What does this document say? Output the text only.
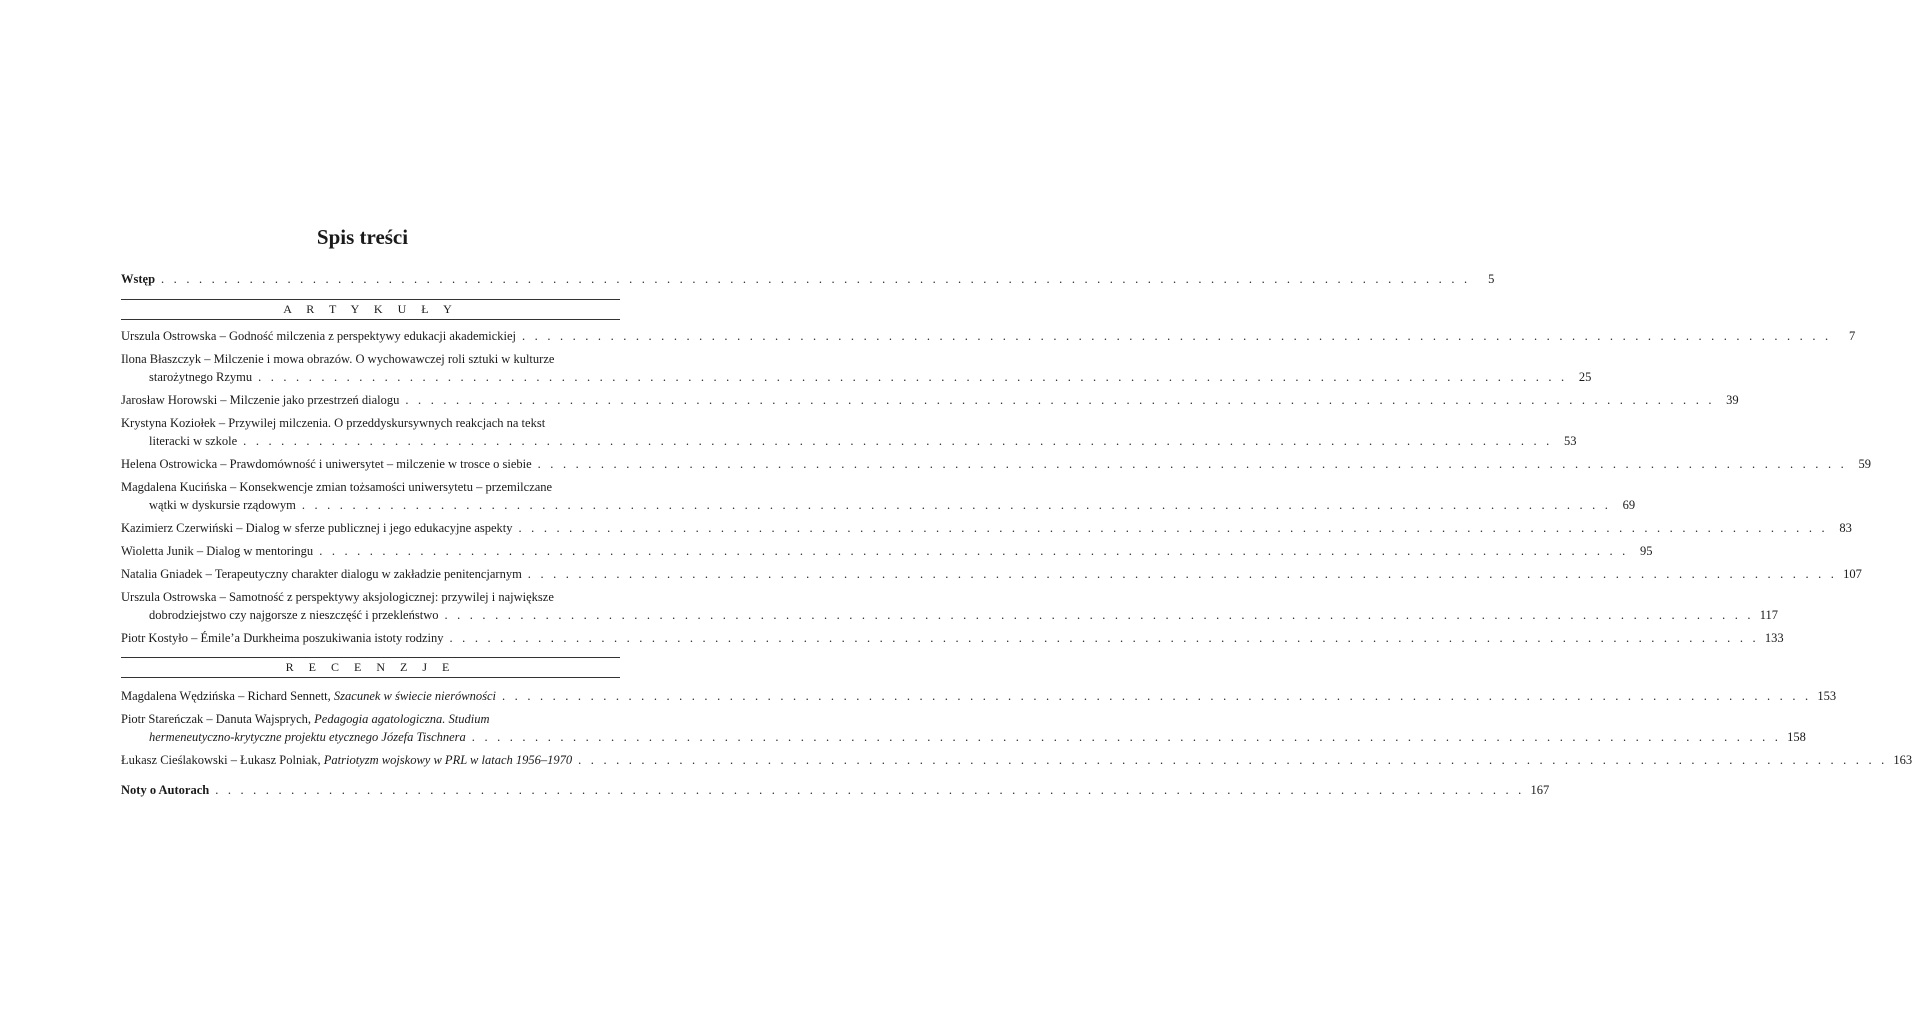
Spis treści
Wstęp . . . . . . . . . . . . . . . . . . . . . . . . . . . . . . . . . . . . . . . . . . . . . . . . . . . . . . . . . . . . . . . . . . . . . . . . . . . . . . . . . . . . . . . . . . . . . . . . . . . . . . . .	5
A R T Y K U Ł Y
Urszula Ostrowska – Godność milczenia z perspektywy edukacji akademickiej . . . . . . . . . . . . . . . . . . . . . . . . . . . . . . . . . . . . . . . . . . . . . . . . . . . . . . . . . . . . . . . . . . . . . . . . . . . . . . . . . . . . . . . . . . . . . . . . . . . . . . . .	7
Ilona Błaszczyk – Milczenie i mowa obrazów. O wychowawczej roli sztuki w kulturze
starożytnego Rzymu . . . . . . . . . . . . . . . . . . . . . . . . . . . . . . . . . . . . . . . . . . . . . . . . . . . . . . . . . . . . . . . . . . . . . . . . . . . . . . . . . . . . . . . . . . . . . . . . . . . . . . . . 25
Jarosław Horowski – Milczenie jako przestrzeń dialogu . . . . . . . . . . . . . . . . . . . . . . . . . . . . . . . . . . . . . . . . . . . . . . . . . . . . . . . . . . . . . . . . . . . . . . . . . . . . . . . . . . . . . . . . . . . . . . . . . . . . . . . . 39
Krystyna Koziołek – Przywilej milczenia. O przeddyskursywnych reakcjach na tekst
literacki w szkole . . . . . . . . . . . . . . . . . . . . . . . . . . . . . . . . . . . . . . . . . . . . . . . . . . . . . . . . . . . . . . . . . . . . . . . . . . . . . . . . . . . . . . . . . . . . . . . . . . . . . . . . 53
Helena Ostrowicka – Prawdomówność i uniwersytet – milczenie w trosce o siebie . . . . . . . . . . . . . . . . . . . . . . . . . . . . . . . . . . . . . . . . . . . . . . . . . . . . . . . . . . . . . . . . . . . . . . . . . . . . . . . . . . . . . . . . . . . . . . . . . . . . . . . . 59
Magdalena Kucińska – Konsekwencje zmian tożsamości uniwersytetu – przemilczane
wątki w dyskursie rządowym . . . . . . . . . . . . . . . . . . . . . . . . . . . . . . . . . . . . . . . . . . . . . . . . . . . . . . . . . . . . . . . . . . . . . . . . . . . . . . . . . . . . . . . . . . . . . . . . . . . . . . . . 69
Kazimierz Czerwiński – Dialog w sferze publicznej i jego edukacyjne aspekty . . . . . . . . . . . . . . . . . . . . . . . . . . . . . . . . . . . . . . . . . . . . . . . . . . . . . . . . . . . . . . . . . . . . . . . . . . . . . . . . . . . . . . . . . . . . . . . . . . . . . . . . 83
Wioletta Junik – Dialog w mentoringu . . . . . . . . . . . . . . . . . . . . . . . . . . . . . . . . . . . . . . . . . . . . . . . . . . . . . . . . . . . . . . . . . . . . . . . . . . . . . . . . . . . . . . . . . . . . . . . . . . . . . . . . 95
Natalia Gniadek – Terapeutyczny charakter dialogu w zakładzie penitencjarnym . . . . . . . . . . . . . . . . . . . . . . . . . . . . . . . . . . . . . . . . . . . . . . . . . . . . . . . . . . . . . . . . . . . . . . . . . . . . . . . . . . . . . . . . . . . . . . . . . . . . . . . . 107
Urszula Ostrowska – Samotność z perspektywy aksjologicznej: przywilej i największe
dobrodziejstwo czy najgorsze z nieszczęść i przekleństwo . . . . . . . . . . . . . . . . . . . . . . . . . . . . . . . . . . . . . . . . . . . . . . . . . . . . . . . . . . . . . . . . . . . . . . . . . . . . . . . . . . . . . . . . . . . . . . . . . . . . . . . . 117
Piotr Kostyło – Émile’a Durkheima poszukiwania istoty rodziny . . . . . . . . . . . . . . . . . . . . . . . . . . . . . . . . . . . . . . . . . . . . . . . . . . . . . . . . . . . . . . . . . . . . . . . . . . . . . . . . . . . . . . . . . . . . . . . . . . . . . . . . 133
R E C E N Z J E
Magdalena Wędzińska – Richard Sennett, Szacunek w świecie nierówności . . . . . . . . . . . . . . . . . . . . . . . . . . . . . . . . . . . . . . . . . . . . . . . . . . . . . . . . . . . . . . . . . . . . . . . . . . . . . . . . . . . . . . . . . . . . . . . . . . . . . . . . 153
Piotr Stareńczak – Danuta Wajsprych, Pedagogia agatologiczna. Studium
hermeneutyczno-krytyczne projektu etycznego Józefa Tischnera . . . . . . . . . . . . . . . . . . . . . . . . . . . . . . . . . . . . . . . . . . . . . . . . . . . . . . . . . . . . . . . . . . . . . . . . . . . . . . . . . . . . . . . . . . . . . . . . . . . . . . . . 158
Łukasz Cieślakowski – Łukasz Polniak, Patriotyzm wojskowy w PRL w latach 1956–1970 . . . . . . . . . . . . . . . . . . . . . . . . . . . . . . . . . . . . . . . . . . . . . . . . . . . . . . . . . . . . . . . . . . . . . . . . . . . . . . . . . . . . . . . . . . . . . . . . . . . . . . . . 163
Noty o Autorach . . . . . . . . . . . . . . . . . . . . . . . . . . . . . . . . . . . . . . . . . . . . . . . . . . . . . . . . . . . . . . . . . . . . . . . . . . . . . . . . . . . . . . . . . . . . . . . . . . . . . . . . 167
